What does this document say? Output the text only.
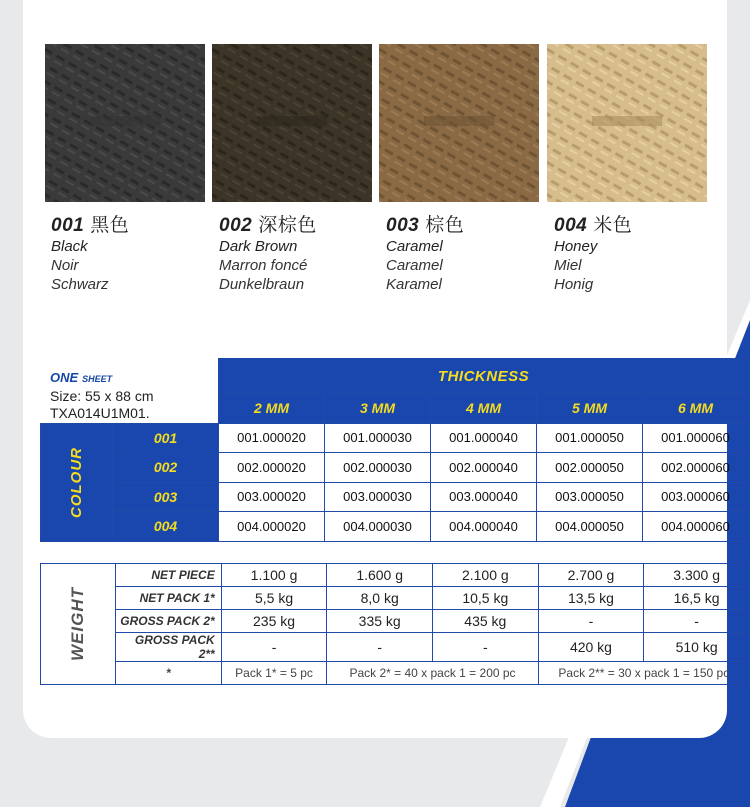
001 黑色
Black
Noir
Schwarz
002 深棕色
Dark Brown
Marron foncé
Dunkelbraun
003 棕色
Caramel
Caramel
Karamel
004 米色
Honey
Miel
Honig
		THICKNESS				
		2 MM	3 MM	4 MM	5 MM	6 MM
COLOUR	001	001.000020	001.000030	001.000040	001.000050	001.000060
	002	002.000020	002.000030	002.000040	002.000050	002.000060
	003	003.000020	003.000030	003.000040	003.000050	003.000060
	004	004.000020	004.000030	004.000040	004.000050	004.000060
ONE SHEET
Size: 55 x 88 cm
TXA014U1M01.
WEIGHT	NET PIECE	1.100 g	1.600 g	2.100 g	2.700 g	3.300 g
	NET PACK 1*	5,5 kg	8,0 kg	10,5 kg	13,5 kg	16,5 kg
	GROSS PACK 2*	235 kg	335 kg	435 kg	-	-
	GROSS PACK 2**	-	-	-	420 kg	510 kg
	*	Pack 1* = 5 pc	Pack 2* = 40 x pack 1 = 200 pc		Pack 2** = 30 x pack 1 = 150 pc	
